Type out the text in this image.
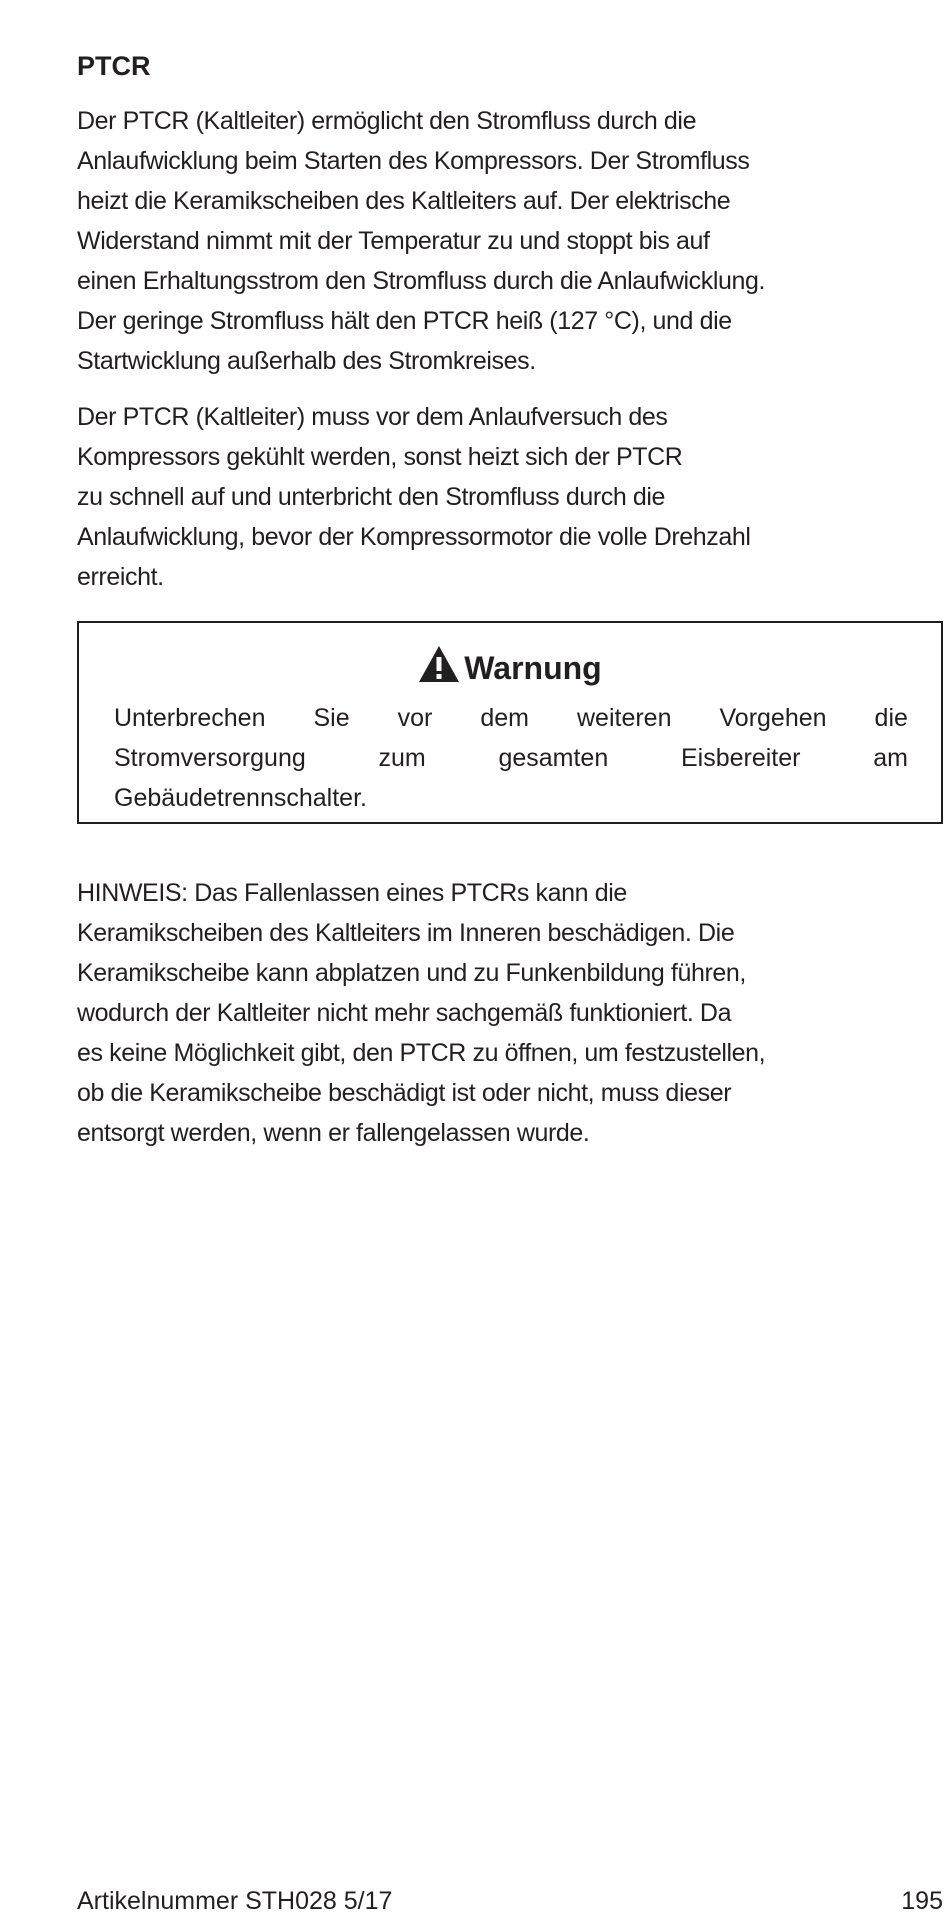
PTCR

Der PTCR (Kaltleiter) ermöglicht den Stromfluss durch die
Anlaufwicklung beim Starten des Kompressors. Der Stromfluss
heizt die Keramikscheiben des Kaltleiters auf. Der elektrische
Widerstand nimmt mit der Temperatur zu und stoppt bis auf
einen Erhaltungsstrom den Stromfluss durch die Anlaufwicklung.
Der geringe Stromfluss hält den PTCR heiß (127 °C), und die
Startwicklung außerhalb des Stromkreises.

Der PTCR (Kaltleiter) muss vor dem Anlaufversuch des
Kompressors gekühlt werden, sonst heizt sich der PTCR
zu schnell auf und unterbricht den Stromfluss durch die
Anlaufwicklung, bevor der Kompressormotor die volle Drehzahl
erreicht.

Warnung
Unterbrechen Sie vor dem weiteren Vorgehen die
Stromversorgung	zum	gesamten	Eisbereiter	am
Gebäudetrennschalter.

HINWEIS: Das Fallenlassen eines PTCRs kann die
Keramikscheiben des Kaltleiters im Inneren beschädigen. Die
Keramikscheibe kann abplatzen und zu Funkenbildung führen,
wodurch der Kaltleiter nicht mehr sachgemäß funktioniert. Da
es keine Möglichkeit gibt, den PTCR zu öffnen, um festzustellen,
ob die Keramikscheibe beschädigt ist oder nicht, muss dieser
entsorgt werden, wenn er fallengelassen wurde.

Artikelnummer STH028 5/17	195
